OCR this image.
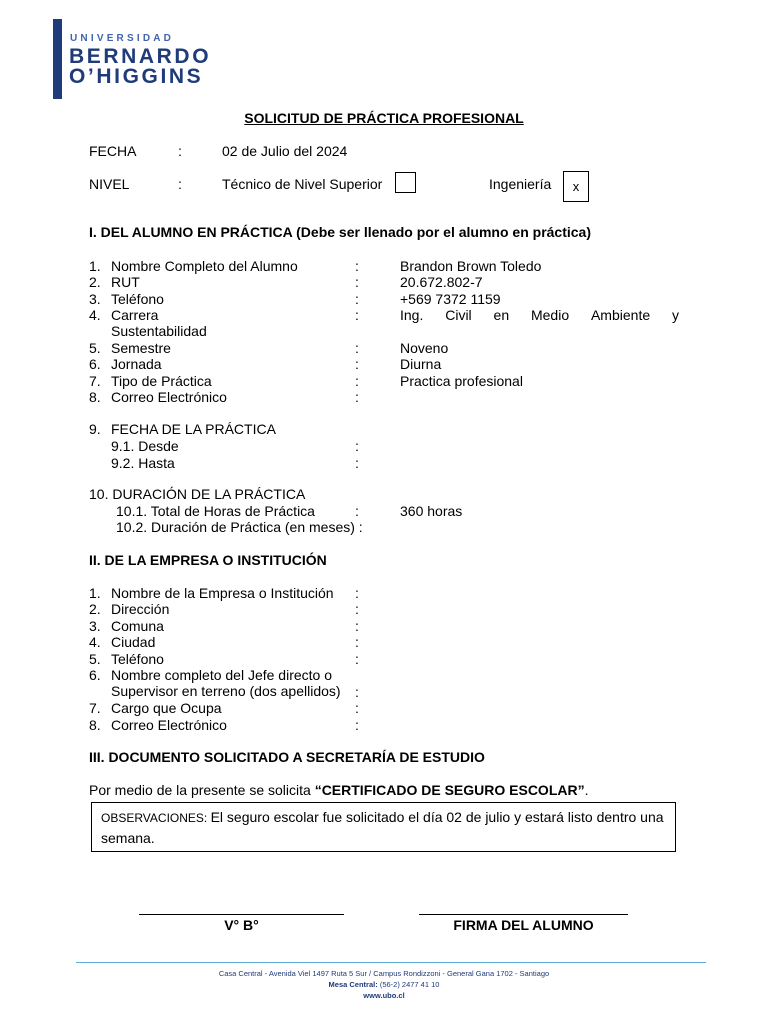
UNIVERSIDAD
BERNARDO
O’HIGGINS
SOLICITUD DE PRÁCTICA PROFESIONAL
FECHA	:	02 de Julio del 2024
NIVEL	:	Técnico de Nivel Superior	Ingeniería	x
I. DEL ALUMNO EN PRÁCTICA (Debe ser llenado por el alumno en práctica)
1. Nombre Completo del Alumno	:	Brandon Brown Toledo
2. RUT	:	20.672.802-7
3. Teléfono	:	+569 7372 1159
4. Carrera	:	Ing. Civil en Medio Ambiente y
Sustentabilidad
5. Semestre	:	Noveno
6. Jornada	:	Diurna
7. Tipo de Práctica	:	Practica profesional
8. Correo Electrónico	:
9. FECHA DE LA PRÁCTICA
9.1. Desde	:
9.2. Hasta	:
10. DURACIÓN DE LA PRÁCTICA
10.1. Total de Horas de Práctica	:	360 horas
10.2. Duración de Práctica (en meses) :
II. DE LA EMPRESA O INSTITUCIÓN
1. Nombre de la Empresa o Institución :
2. Dirección	:
3. Comuna	:
4. Ciudad	:
5. Teléfono	:
6. Nombre completo del Jefe directo o
Supervisor en terreno (dos apellidos) :
7. Cargo que Ocupa	:
8. Correo Electrónico	:
III. DOCUMENTO SOLICITADO A SECRETARÍA DE ESTUDIO
Por medio de la presente se solicita “CERTIFICADO DE SEGURO ESCOLAR”.
OBSERVACIONES: El seguro escolar fue solicitado el día 02 de julio y estará listo dentro una semana.
V° B°	FIRMA DEL ALUMNO
Casa Central - Avenida Viel 1497 Ruta 5 Sur / Campus Rondizzoni - General Gana 1702 - Santiago
Mesa Central: (56-2) 2477 41 10
www.ubo.cl
